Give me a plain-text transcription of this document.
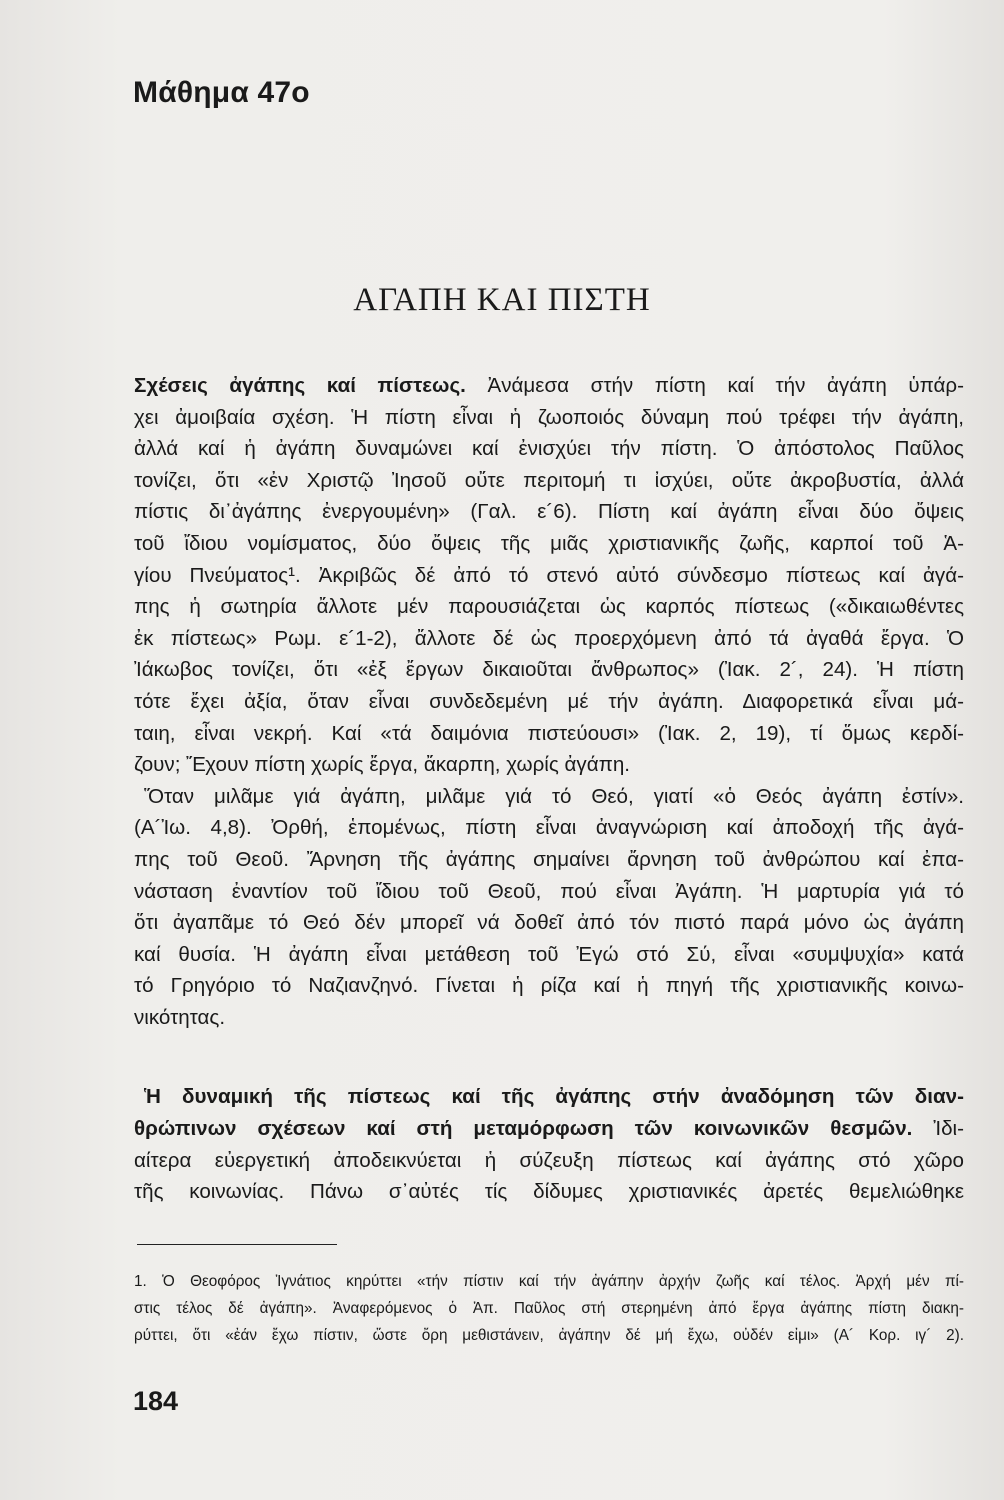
Μάθημα 47ο
ΑΓΑΠΗ ΚΑΙ ΠΙΣΤΗ
Σχέσεις ἀγάπης καί πίστεως. Ἀνάμεσα στήν πίστη καί τήν ἀγάπη ὑπάρ-
χει ἀμοιβαία σχέση. Ἡ πίστη εἶναι ἡ ζωοποιός δύναμη πού τρέφει τήν ἀγάπη,
ἀλλά καί ἡ ἀγάπη δυναμώνει καί ἐνισχύει τήν πίστη. Ὁ ἀπόστολος Παῦλος
τονίζει, ὅτι «ἐν Χριστῷ Ἰησοῦ οὔτε περιτομή τι ἰσχύει, οὔτε ἀκροβυστία, ἀλλά
πίστις δι᾿ἀγάπης ἐνεργουμένη» (Γαλ. ε´6). Πίστη καί ἀγάπη εἶναι δύο ὄψεις
τοῦ ἴδιου νομίσματος, δύο ὄψεις τῆς μιᾶς χριστιανικῆς ζωῆς, καρποί τοῦ Ἁ-
γίου Πνεύματος¹. Ἀκριβῶς δέ ἀπό τό στενό αὐτό σύνδεσμο πίστεως καί ἀγά-
πης ἡ σωτηρία ἄλλοτε μέν παρουσιάζεται ὡς καρπός πίστεως («δικαιωθέντες
ἐκ πίστεως» Ρωμ. ε´1-2), ἄλλοτε δέ ὡς προερχόμενη ἀπό τά ἀγαθά ἔργα. Ὁ
Ἰάκωβος τονίζει, ὅτι «ἐξ ἔργων δικαιοῦται ἄνθρωπος» (Ἰακ. 2´, 24). Ἡ πίστη
τότε ἔχει ἀξία, ὅταν εἶναι συνδεδεμένη μέ τήν ἀγάπη. Διαφορετικά εἶναι μά-
ταιη, εἶναι νεκρή. Καί «τά δαιμόνια πιστεύουσι» (Ἰακ. 2, 19), τί ὅμως κερδί-
ζουν; Ἔχουν πίστη χωρίς ἔργα, ἄκαρπη, χωρίς ἀγάπη.
Ὅταν μιλᾶμε γιά ἀγάπη, μιλᾶμε γιά τό Θεό, γιατί «ὁ Θεός ἀγάπη ἐστίν».
(Α´Ἰω. 4,8). Ὀρθή, ἑπομένως, πίστη εἶναι ἀναγνώριση καί ἀποδοχή τῆς ἀγά-
πης τοῦ Θεοῦ. Ἄρνηση τῆς ἀγάπης σημαίνει ἄρνηση τοῦ ἀνθρώπου καί ἐπα-
νάσταση ἐναντίον τοῦ ἴδιου τοῦ Θεοῦ, πού εἶναι Ἀγάπη. Ἡ μαρτυρία γιά τό
ὅτι ἀγαπᾶμε τό Θεό δέν μπορεῖ νά δοθεῖ ἀπό τόν πιστό παρά μόνο ὡς ἀγάπη
καί θυσία. Ἡ ἀγάπη εἶναι μετάθεση τοῦ Ἐγώ στό Σύ, εἶναι «συμψυχία» κατά
τό Γρηγόριο τό Ναζιανζηνό. Γίνεται ἡ ρίζα καί ἡ πηγή τῆς χριστιανικῆς κοινω-
νικότητας.
Ἡ δυναμική τῆς πίστεως καί τῆς ἀγάπης στήν ἀναδόμηση τῶν διαν-
θρώπινων σχέσεων καί στή μεταμόρφωση τῶν κοινωνικῶν θεσμῶν. Ἰδι-
αίτερα εὐεργετική ἀποδεικνύεται ἡ σύζευξη πίστεως καί ἀγάπης στό χῶρο
τῆς κοινωνίας. Πάνω σ᾿αὐτές τίς δίδυμες χριστιανικές ἀρετές θεμελιώθηκε
1. Ὁ Θεοφόρος Ἰγνάτιος κηρύττει «τήν πίστιν καί τήν ἀγάπην ἀρχήν ζωῆς καί τέλος. Ἀρχή μέν πί-
στις τέλος δέ ἀγάπη». Ἀναφερόμενος ὁ Ἀπ. Παῦλος στή στερημένη ἀπό ἔργα ἀγάπης πίστη διακη-
ρύττει, ὅτι «ἐάν ἔχω πίστιν, ὥστε ὄρη μεθιστάνειν, ἀγάπην δέ μή ἔχω, οὐδέν εἰμι» (Α´ Κορ. ιγ´ 2).
184
